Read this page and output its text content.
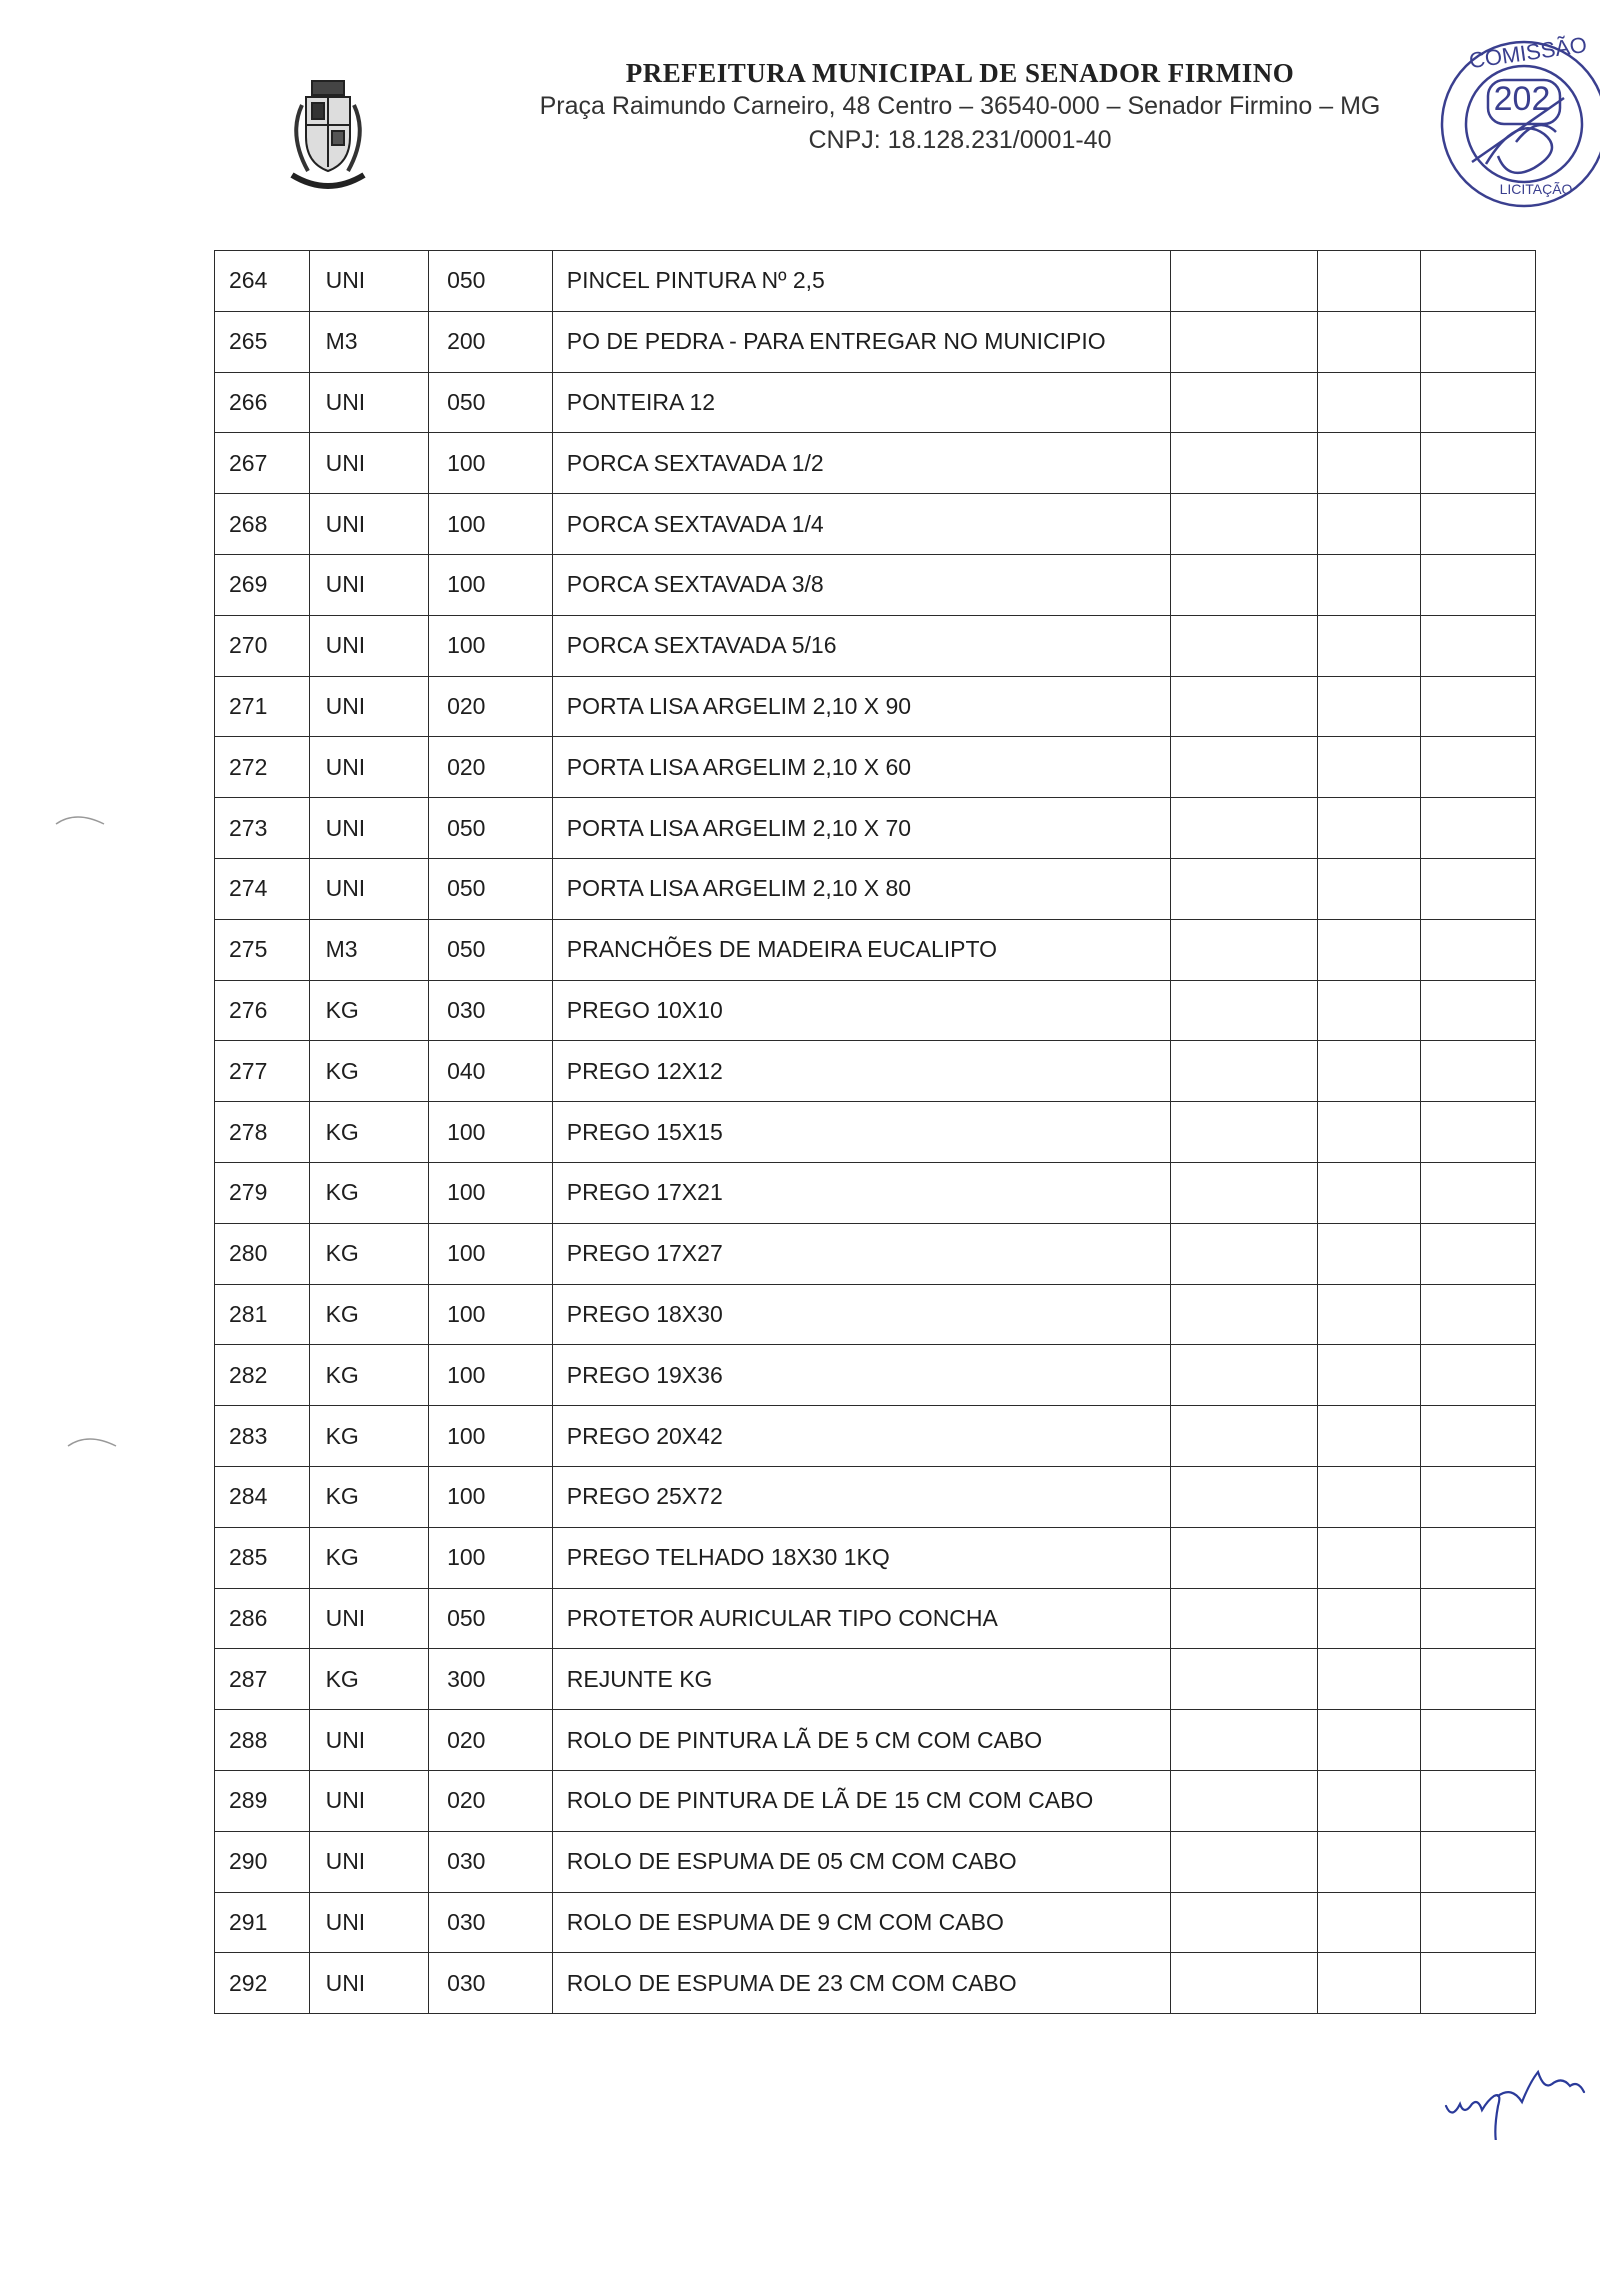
PREFEITURA MUNICIPAL DE SENADOR FIRMINO
Praça Raimundo Carneiro, 48 Centro – 36540-000 – Senador Firmino – MG
CNPJ: 18.128.231/0001-40
202
COMISSÃO
LICITAÇÃO
264	UNI	050	PINCEL PINTURA Nº 2,5			
265	M3	200	PO DE PEDRA - PARA ENTREGAR NO MUNICIPIO			
266	UNI	050	PONTEIRA 12			
267	UNI	100	PORCA SEXTAVADA 1/2			
268	UNI	100	PORCA SEXTAVADA 1/4			
269	UNI	100	PORCA SEXTAVADA 3/8			
270	UNI	100	PORCA SEXTAVADA 5/16			
271	UNI	020	PORTA LISA ARGELIM 2,10 X 90			
272	UNI	020	PORTA LISA ARGELIM 2,10 X 60			
273	UNI	050	PORTA LISA ARGELIM 2,10 X 70			
274	UNI	050	PORTA LISA ARGELIM 2,10 X 80			
275	M3	050	PRANCHÕES DE MADEIRA EUCALIPTO			
276	KG	030	PREGO 10X10			
277	KG	040	PREGO 12X12			
278	KG	100	PREGO 15X15			
279	KG	100	PREGO 17X21			
280	KG	100	PREGO 17X27			
281	KG	100	PREGO 18X30			
282	KG	100	PREGO 19X36			
283	KG	100	PREGO 20X42			
284	KG	100	PREGO 25X72			
285	KG	100	PREGO TELHADO 18X30 1KQ			
286	UNI	050	PROTETOR AURICULAR TIPO CONCHA			
287	KG	300	REJUNTE KG			
288	UNI	020	ROLO DE PINTURA LÃ DE 5 CM COM CABO			
289	UNI	020	ROLO DE PINTURA DE LÃ DE 15 CM COM CABO			
290	UNI	030	ROLO DE ESPUMA DE 05 CM COM CABO			
291	UNI	030	ROLO DE ESPUMA DE 9 CM COM CABO			
292	UNI	030	ROLO DE ESPUMA DE 23 CM COM CABO			
